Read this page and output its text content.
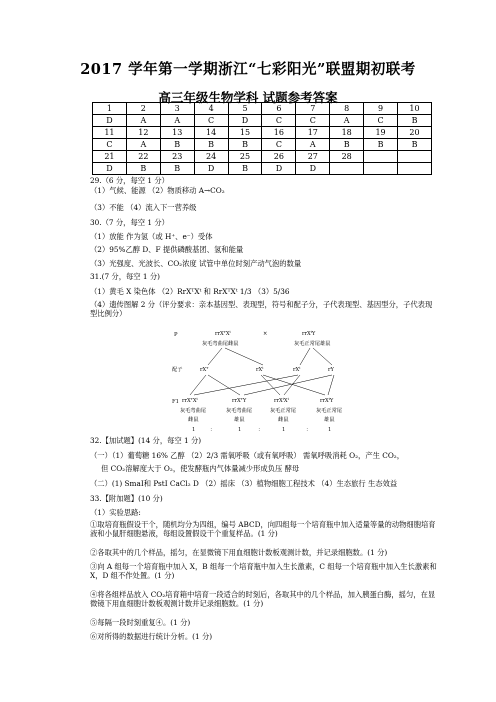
2017 学年第一学期浙江“七彩阳光”联盟期初联考
高三年级生物学科 试题参考答案
1	2	3	4	5	6	7	8	9	10
D	A	A	C	D	C	C	A	C	B
11	12	13	14	15	16	17	18	19	20
C	A	B	B	B	C	A	B	B	B
21	22	23	24	25	26	27	28		
D	B	B	D	B	D	D			
29.（6 分，每空 1 分）
（1）气候、能源 （2）物质移动 A→CO₂
（3）不能 （4）流入下一营养级
30.（7 分，每空 1 分）
（1）放能 作为氢（或 H⁺、e⁻）受体
（2）95%乙醇 D、F 提供磷酸基团、氢和能量
（3）光强度、光波长、CO₂浓度 试管中单位时刻产动气泡的数量
31.(7 分，每空 1 分)
（1）黄毛 X 染色体 （2）RrXᵀXᵗ 和 RrXᵀXᵗ 1/3 （3）5/36
（4）遗传图解 2 分（评分要求：亲本基因型、表现型，符号和配子分，子代表现型、基因型分，子代表现型比例分）
P	rrXᵀXᵗ	×	rrXᵗY
灰毛弯曲尾雌鼠	灰毛正常尾雄鼠
配子	rXᵀ	rXᵗ	rXᵗ	rY
F1 rrXᵀXᵗ	rrXᵀY	rrXᵗXᵗ	rrXᵗY
灰毛弯曲尾	灰毛弯曲尾	灰毛正常尾	灰毛正常尾
雌鼠	雄鼠	雌鼠	雄鼠
1	：	1	：	1	：	1
32.【加试题】(14 分，每空 1 分)
（一）（1）葡萄糖 16% 乙醇 （2）2/3 需氧呼吸（或有氧呼吸） 需氧呼吸消耗 O₂，产生 CO₂，
但 CO₂溶解度大于 O₂，使发酵瓶内气体量减少形成负压 酵母
（二）(1) SmaⅠ和 PstⅠ CaCl₂ D （2）摇床 （3）植物细胞工程技术 （4）生态旅行 生态效益
33.【附加题】(10 分)
（1）实验思路:
①取培育瓶假设干个，随机均分为四组，编号 ABCD，向四组每一个培育瓶中加入适量等量的动物细胞培育液和小鼠肝细胞悬液，每组设置假设干个重复样品。(1 分)
②各取其中的几个样品，摇匀，在显微镜下用血细胞计数板观测计数，并记录细胞数。(1 分)
③向 A 组每一个培育瓶中加入 X，B 组每一个培育瓶中加入生长激素，C 组每一个培育瓶中加入生长激素和 X，D 组不作处置。(1 分)
④将各组样品放入 CO₂培育箱中培育一段适合的时刻后，各取其中的几个样品，加入胰蛋白酶，摇匀，在显微镜下用血细胞计数板观测计数并记录细胞数。(1 分)
⑤每隔一段时刻重复④。(1 分)
⑥对所得的数据进行统计分析。(1 分)
